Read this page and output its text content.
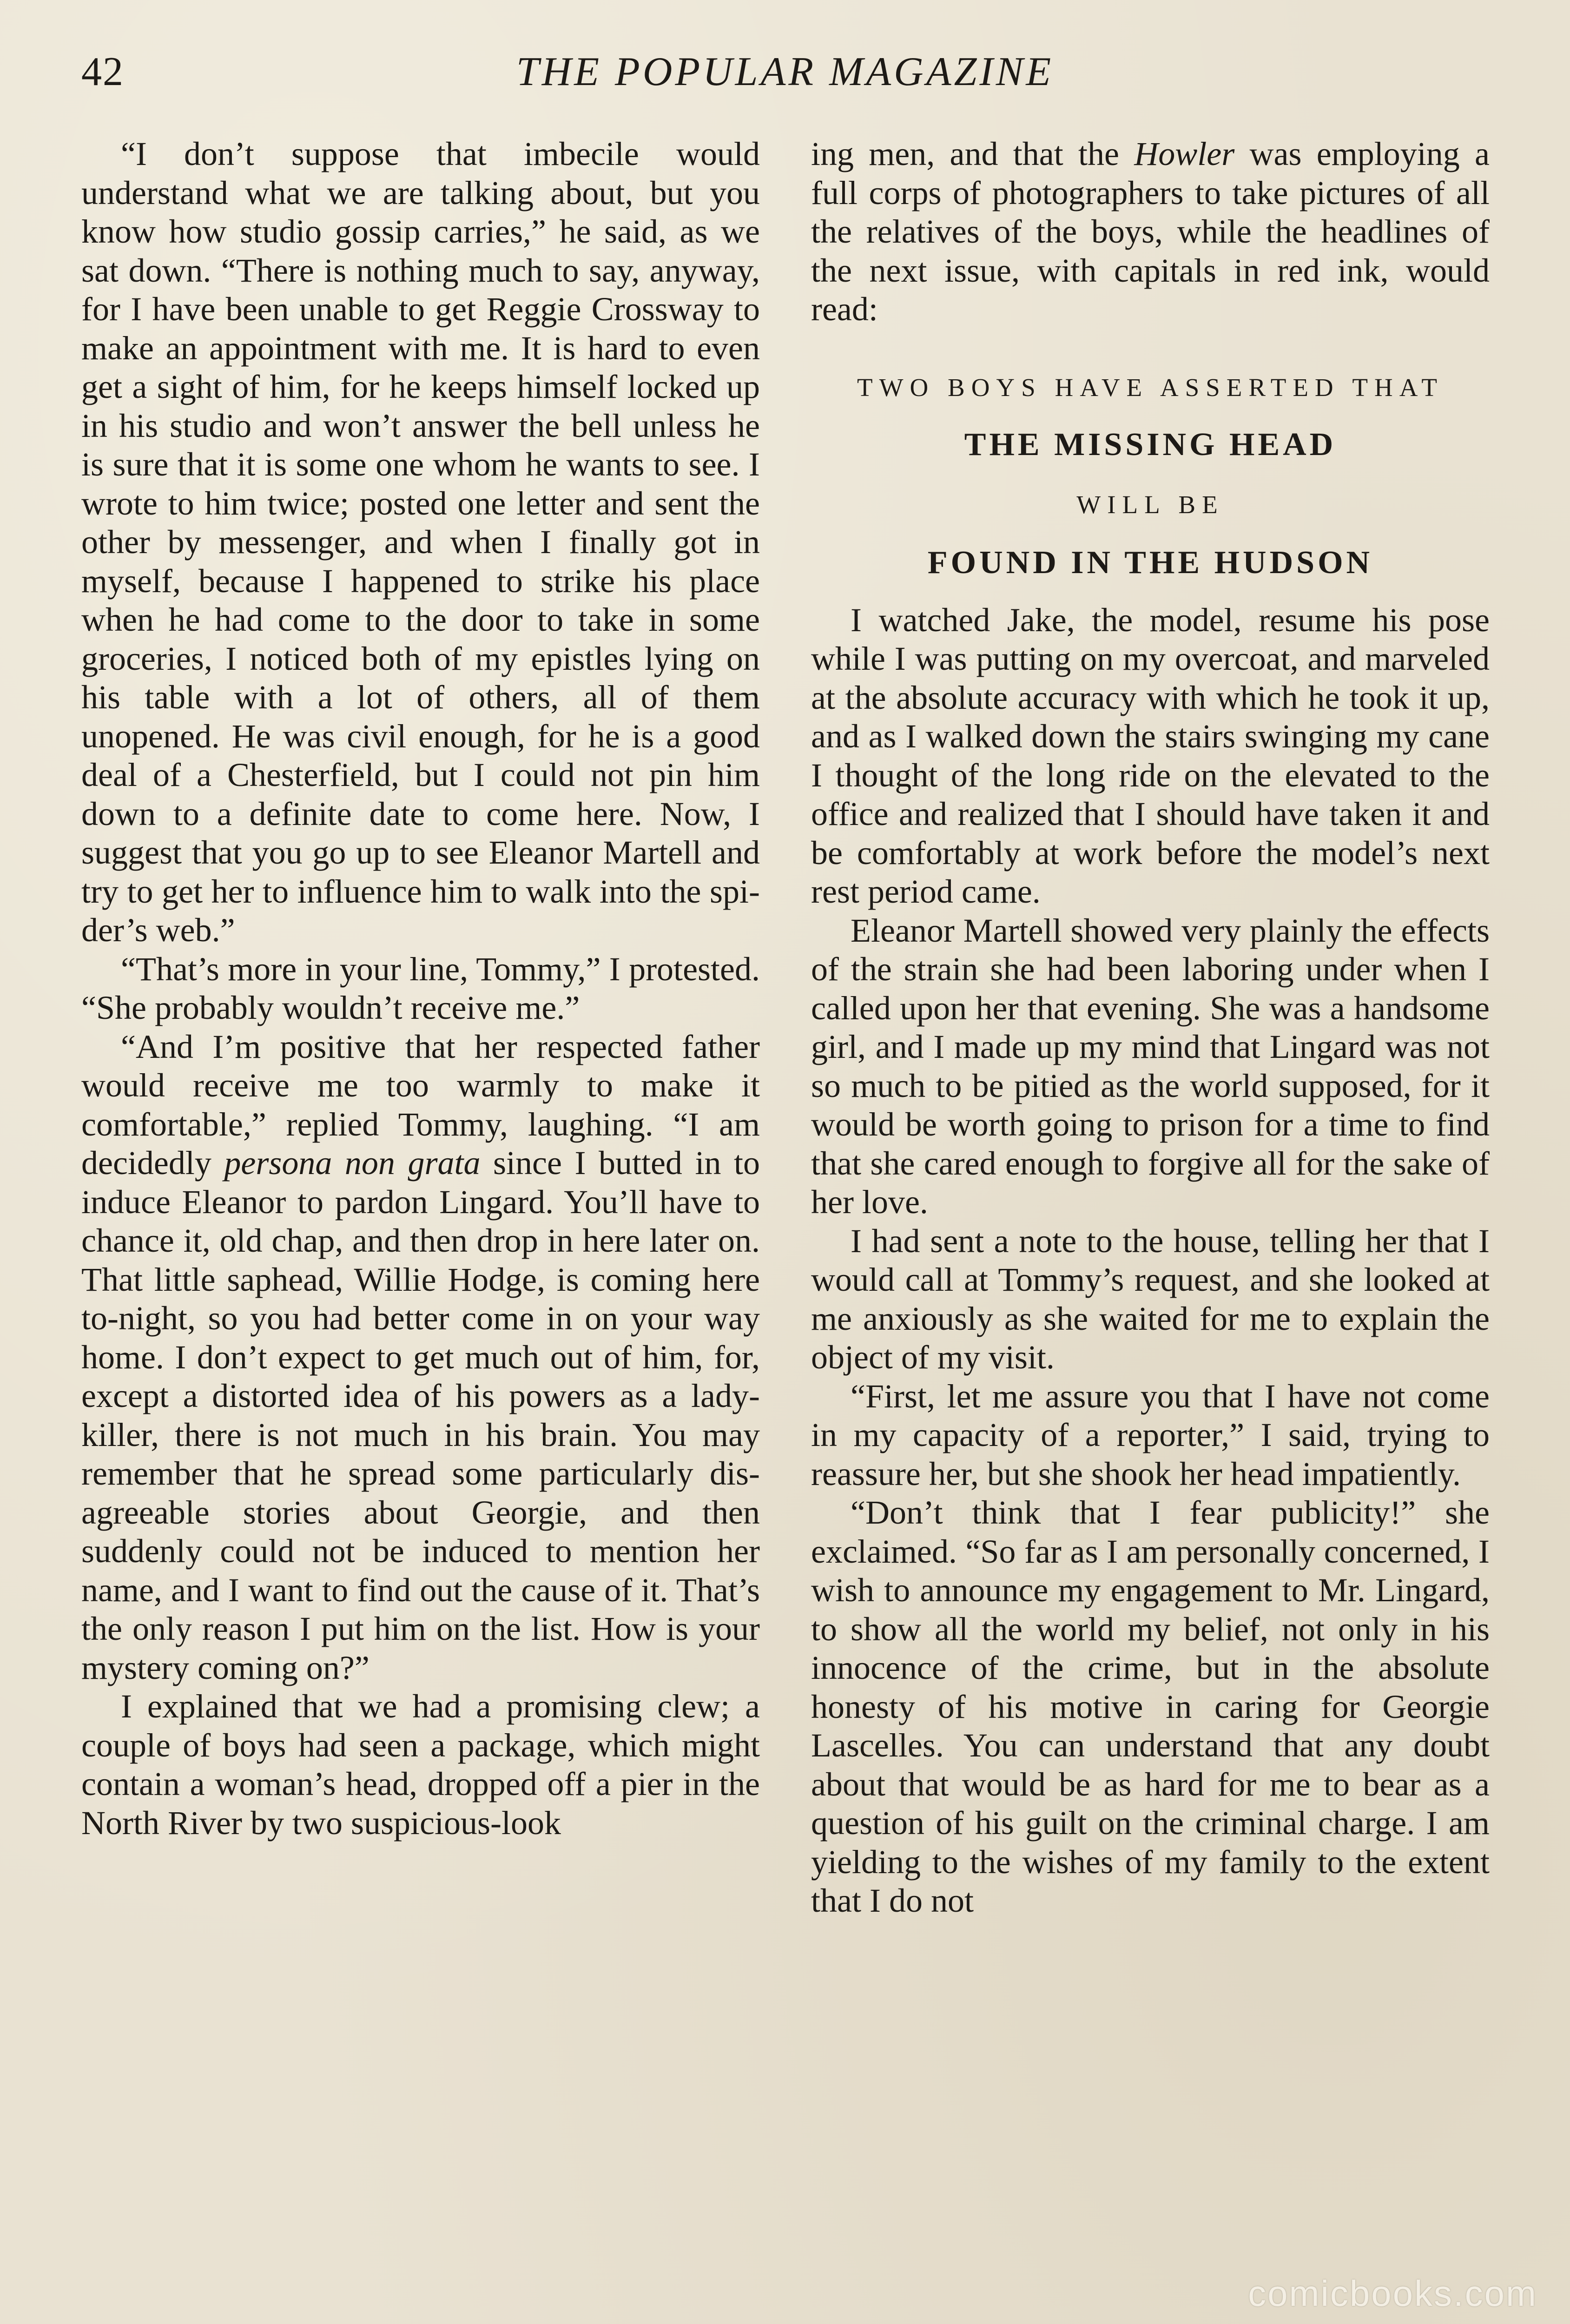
42	THE POPULAR MAGAZINE

“I don’t suppose that imbecile would understand what we are talking about, but you know how studio gossip carries,” he said, as we sat down. “There is nothing much to say, anyway, for I have been unable to get Reggie Crossway to make an appointment with me. It is hard to even get a sight of him, for he keeps himself locked up in his studio and won’t answer the bell unless he is sure that it is some one whom he wants to see. I wrote to him twice; posted one letter and sent the other by messenger, and when I finally got in myself, because I happened to strike his place when he had come to the door to take in some groceries, I noticed both of my epistles lying on his table with a lot of others, all of them unopened. He was civil enough, for he is a good deal of a Chesterfield, but I could not pin him down to a definite date to come here. Now, I suggest that you go up to see Eleanor Martell and try to get her to influence him to walk into the spider’s web.”

“That’s more in your line, Tommy,” I protested. “She probably wouldn’t receive me.”

“And I’m positive that her respected father would receive me too warmly to make it comfortable,” replied Tommy, laughing. “I am decidedly persona non grata since I butted in to induce Eleanor to pardon Lingard. You’ll have to chance it, old chap, and then drop in here later on. That little saphead, Willie Hodge, is coming here to-night, so you had better come in on your way home. I don’t expect to get much out of him, for, except a distorted idea of his powers as a lady-killer, there is not much in his brain. You may remember that he spread some particularly disagreeable stories about Georgie, and then suddenly could not be induced to mention her name, and I want to find out the cause of it. That’s the only reason I put him on the list. How is your mystery coming on?”

I explained that we had a promising clew; a couple of boys had seen a package, which might contain a woman’s head, dropped off a pier in the North River by two suspicious-look

ing men, and that the Howler was employing a full corps of photographers to take pictures of all the relatives of the boys, while the headlines of the next issue, with capitals in red ink, would read:

TWO BOYS HAVE ASSERTED THAT
THE MISSING HEAD
WILL BE
FOUND IN THE HUDSON

I watched Jake, the model, resume his pose while I was putting on my overcoat, and marveled at the absolute accuracy with which he took it up, and as I walked down the stairs swinging my cane I thought of the long ride on the elevated to the office and realized that I should have taken it and be comfortably at work before the model’s next rest period came.

Eleanor Martell showed very plainly the effects of the strain she had been laboring under when I called upon her that evening. She was a handsome girl, and I made up my mind that Lingard was not so much to be pitied as the world supposed, for it would be worth going to prison for a time to find that she cared enough to forgive all for the sake of her love.

I had sent a note to the house, telling her that I would call at Tommy’s request, and she looked at me anxiously as she waited for me to explain the object of my visit.

“First, let me assure you that I have not come in my capacity of a reporter,” I said, trying to reassure her, but she shook her head impatiently.

“Don’t think that I fear publicity!” she exclaimed. “So far as I am personally concerned, I wish to announce my engagement to Mr. Lingard, to show all the world my belief, not only in his innocence of the crime, but in the absolute honesty of his motive in caring for Georgie Lascelles. You can understand that any doubt about that would be as hard for me to bear as a question of his guilt on the criminal charge. I am yielding to the wishes of my family to the extent that I do not

comicbooks.com
